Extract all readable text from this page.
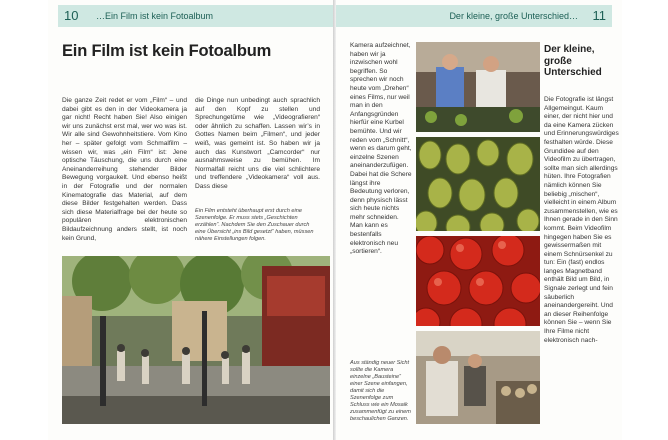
10 …Ein Film ist kein Fotoalbum
Ein Film ist kein Fotoalbum
Die ganze Zeit redet er vom „Film“ – und dabei gibt es den in der Videokamera ja gar nicht! Recht haben Sie! Also einigen wir uns zunächst erst mal, wer wo was ist. Wir alle sind Gewohnheitstiere. Vom Kino her – später gefolgt vom Schmalfilm – wissen wir, was „ein Film“ ist: Jene optische Täuschung, die uns durch eine Aneinanderreihung stehender Bilder Bewegung vorgaukelt. Und ebenso heißt in der Fotografie und der normalen Kinematografie das Material, auf dem diese Bilder festgehalten werden. Dass sich diese Materialfrage bei der heute so populären elektronischen Bildaufzeichnung anders stellt, ist noch kein Grund,
die Dinge nun unbedingt auch sprachlich auf den Kopf zu stellen und Sprechungetüme wie „Videografieren“ oder ähnlich zu schaffen. Lassen wir’s in Gottes Namen beim „Filmen“, und jeder weiß, was gemeint ist. So haben wir ja auch das Kunstwort „Camcorder“ nur ausnahmsweise zu bemühen. Im Normalfall reicht uns die viel schlichtere und treffendere „Videokamera“ voll aus. Dass diese
Ein Film entsteht überhaupt erst durch eine Szenenfolge. Er muss stets „Geschichten erzählen“. Nachdem Sie den Zuschauer durch eine Übersicht „ins Bild gesetzt“ haben, müssen nähere Einstellungen folgen.
Der kleine, große Unterschied… 11
Kamera aufzeichnet, haben wir ja inzwischen wohl begriffen. So sprechen wir noch heute vom „Drehen“ eines Films, nur weil man in den Anfangsgründen hierfür eine Kurbel bemühte. Und wir reden vom „Schnitt“, wenn es darum geht, einzelne Szenen aneinanderzufügen. Dabei hat die Schere längst ihre Bedeutung verloren, denn physisch lässt sich heute nichts mehr schneiden. Man kann es bestenfalls elektronisch neu „sortieren“.
Aus ständig neuer Sicht sollte die Kamera einzelne „Bausteine“ einer Szene einfangen, damit sich die Szenenfolge zum Schluss wie ein Mosaik zusammenfügt zu einem beschaulichen Ganzen.
Der kleine, große Unterschied
Die Fotografie ist längst Allgemeingut. Kaum einer, der nicht hier und da eine Kamera zücken und Erinnerungswürdiges festhalten würde. Diese Grundidee auf den Videofilm zu übertragen, sollte man sich allerdings hüten. Ihre Fotografien nämlich können Sie beliebig „mischen“, vielleicht in einem Album zusammenstellen, wie es Ihnen gerade in den Sinn kommt. Beim Videofilm hingegen haben Sie es gewissermaßen mit einem Schnürsenkel zu tun: Ein (fast) endlos langes Magnetband enthält Bild um Bild, in Signale zerlegt und fein säuberlich aneinandergereiht. Und an dieser Reihenfolge können Sie – wenn Sie Ihre Filme nicht elektronisch nach-
